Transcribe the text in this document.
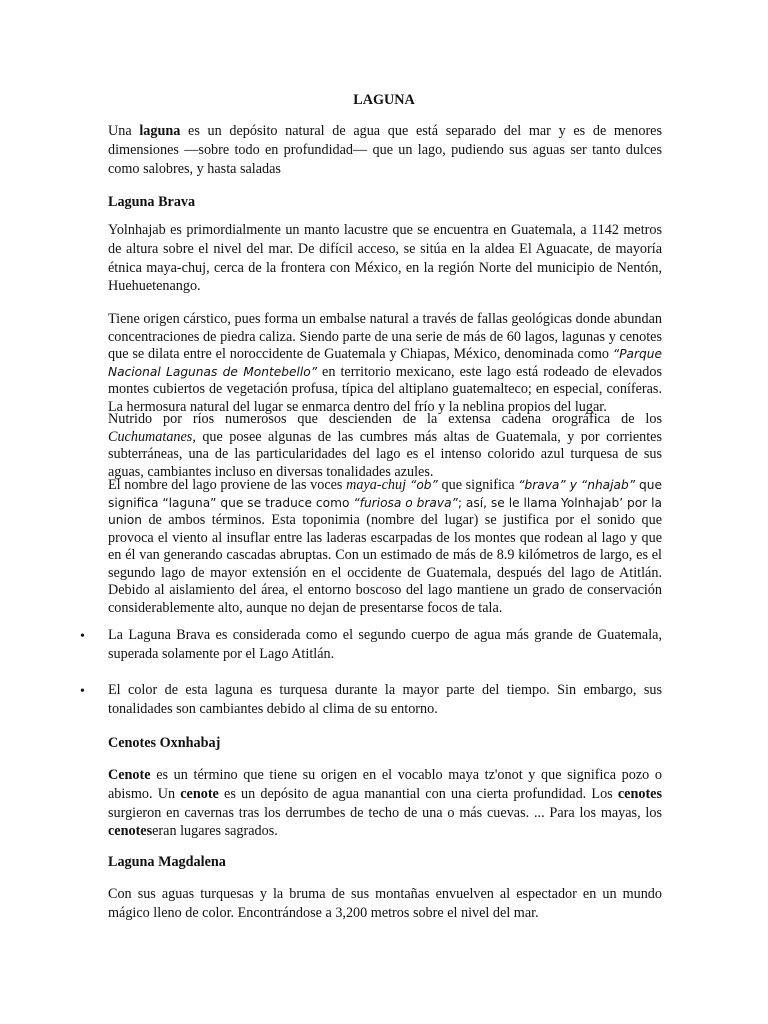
LAGUNA
Una laguna es un depósito natural de agua que está separado del mar y es de menores dimensiones —sobre todo en profundidad— que un lago, pudiendo sus aguas ser tanto dulces como salobres, y hasta saladas
Laguna Brava
Yolnhajab es primordialmente un manto lacustre que se encuentra en Guatemala, a 1142 metros de altura sobre el nivel del mar. De difícil acceso, se sitúa en la aldea El Aguacate, de mayoría étnica maya-chuj, cerca de la frontera con México, en la región Norte del municipio de Nentón, Huehuetenango.
Tiene origen cárstico, pues forma un embalse natural a través de fallas geológicas donde abundan concentraciones de piedra caliza. Siendo parte de una serie de más de 60 lagos, lagunas y cenotes que se dilata entre el noroccidente de Guatemala y Chiapas, México, denominada como “Parque Nacional Lagunas de Montebello” en territorio mexicano, este lago está rodeado de elevados montes cubiertos de vegetación profusa, típica del altiplano guatemalteco; en especial, coníferas. La hermosura natural del lugar se enmarca dentro del frío y la neblina propios del lugar.
Nutrido por ríos numerosos que descienden de la extensa cadena orográfica de los Cuchumatanes, que posee algunas de las cumbres más altas de Guatemala, y por corrientes subterráneas, una de las particularidades del lago es el intenso colorido azul turquesa de sus aguas, cambiantes incluso en diversas tonalidades azules.
El nombre del lago proviene de las voces maya-chuj “ob” que significa “brava” y “nhajab” que significa “laguna” que se traduce como “furiosa o brava”; así, se le llama Yolnhajab’ por la union de ambos términos. Esta toponimia (nombre del lugar) se justifica por el sonido que provoca el viento al insuflar entre las laderas escarpadas de los montes que rodean al lago y que en él van generando cascadas abruptas. Con un estimado de más de 8.9 kilómetros de largo, es el segundo lago de mayor extensión en el occidente de Guatemala, después del lago de Atitlán. Debido al aislamiento del área, el entorno boscoso del lago mantiene un grado de conservación considerablemente alto, aunque no dejan de presentarse focos de tala.
• La Laguna Brava es considerada como el segundo cuerpo de agua más grande de Guatemala, superada solamente por el Lago Atitlán.
• El color de esta laguna es turquesa durante la mayor parte del tiempo. Sin embargo, sus tonalidades son cambiantes debido al clima de su entorno.
Cenotes Oxnhabaj
Cenote es un término que tiene su origen en el vocablo maya tz'onot y que significa pozo o abismo. Un cenote es un depósito de agua manantial con una cierta profundidad. Los cenotes surgieron en cavernas tras los derrumbes de techo de una o más cuevas. ... Para los mayas, los cenoteseran lugares sagrados.
Laguna Magdalena
Con sus aguas turquesas y la bruma de sus montañas envuelven al espectador en un mundo mágico lleno de color. Encontrándose a 3,200 metros sobre el nivel del mar.
